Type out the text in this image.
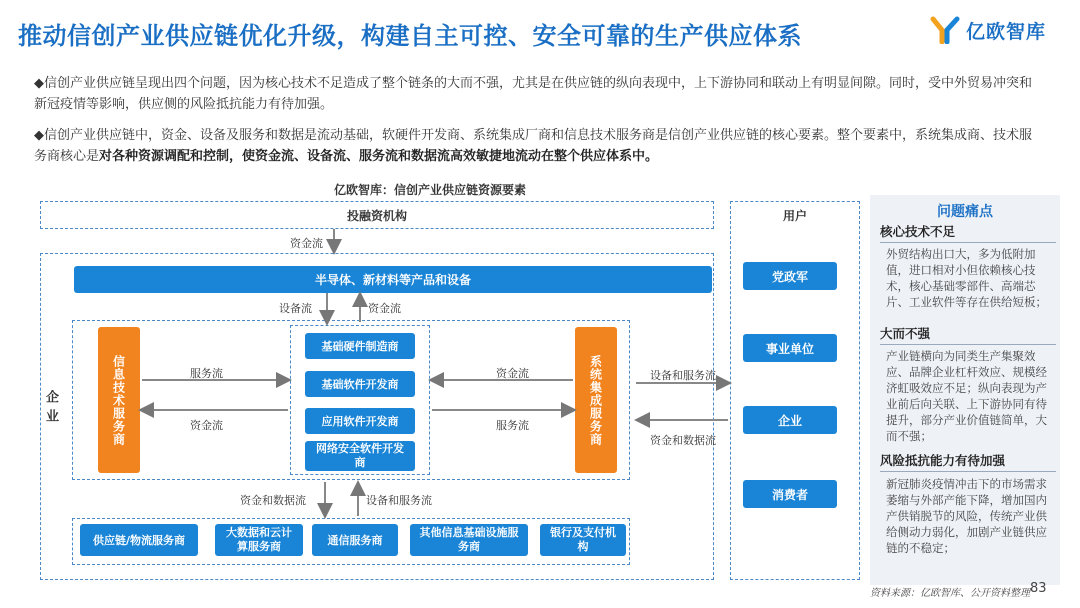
推动信创产业供应链优化升级，构建自主可控、安全可靠的生产供应体系	亿欧智库
◆信创产业供应链呈现出四个问题，因为核心技术不足造成了整个链条的大而不强，尤其是在供应链的纵向表现中，上下游协同和联动上有明显间隙。同时，受中外贸易冲突和新冠疫情等影响，供应侧的风险抵抗能力有待加强。
◆信创产业供应链中，资金、设备及服务和数据是流动基础，软硬件开发商、系统集成厂商和信息技术服务商是信创产业供应链的核心要素。整个要素中，系统集成商、技术服务商核心是对各种资源调配和控制，使资金流、设备流、服务流和数据流高效敏捷地流动在整个供应体系中。
亿欧智库：信创产业供应链资源要素
投融资机构
企业
用户
半导体、新材料等产品和设备
信息技术服务商	系统集成服务商
基础硬件制造商
基础软件开发商
应用软件开发商
网络安全软件开发商
供应链/物流服务商
大数据和云计算服务商	通信服务商
其他信息基础设施服务商
银行及支付机构
党政军
事业单位
企业
消费者
资金流
设备流	资金流
服务流
资金流
资金流
服务流
设备和服务流
资金和数据流
资金和数据流	设备和服务流
问题痛点
核心技术不足
外贸结构出口大，多为低附加值，进口相对小但依赖核心技术，核心基础零部件、高端芯片、工业软件等存在供给短板；
大而不强
产业链横向为同类生产集聚效应、品牌企业杠杆效应、规模经济虹吸效应不足；纵向表现为产业前后向关联、上下游协同有待提升，部分产业价值链简单，大而不强；
风险抵抗能力有待加强
新冠肺炎疫情冲击下的市场需求萎缩与外部产能下降，增加国内产供销脱节的风险，传统产业供给侧动力弱化，加剧产业链供应链的不稳定；
资料来源：亿欧智库、公开资料整理 83
